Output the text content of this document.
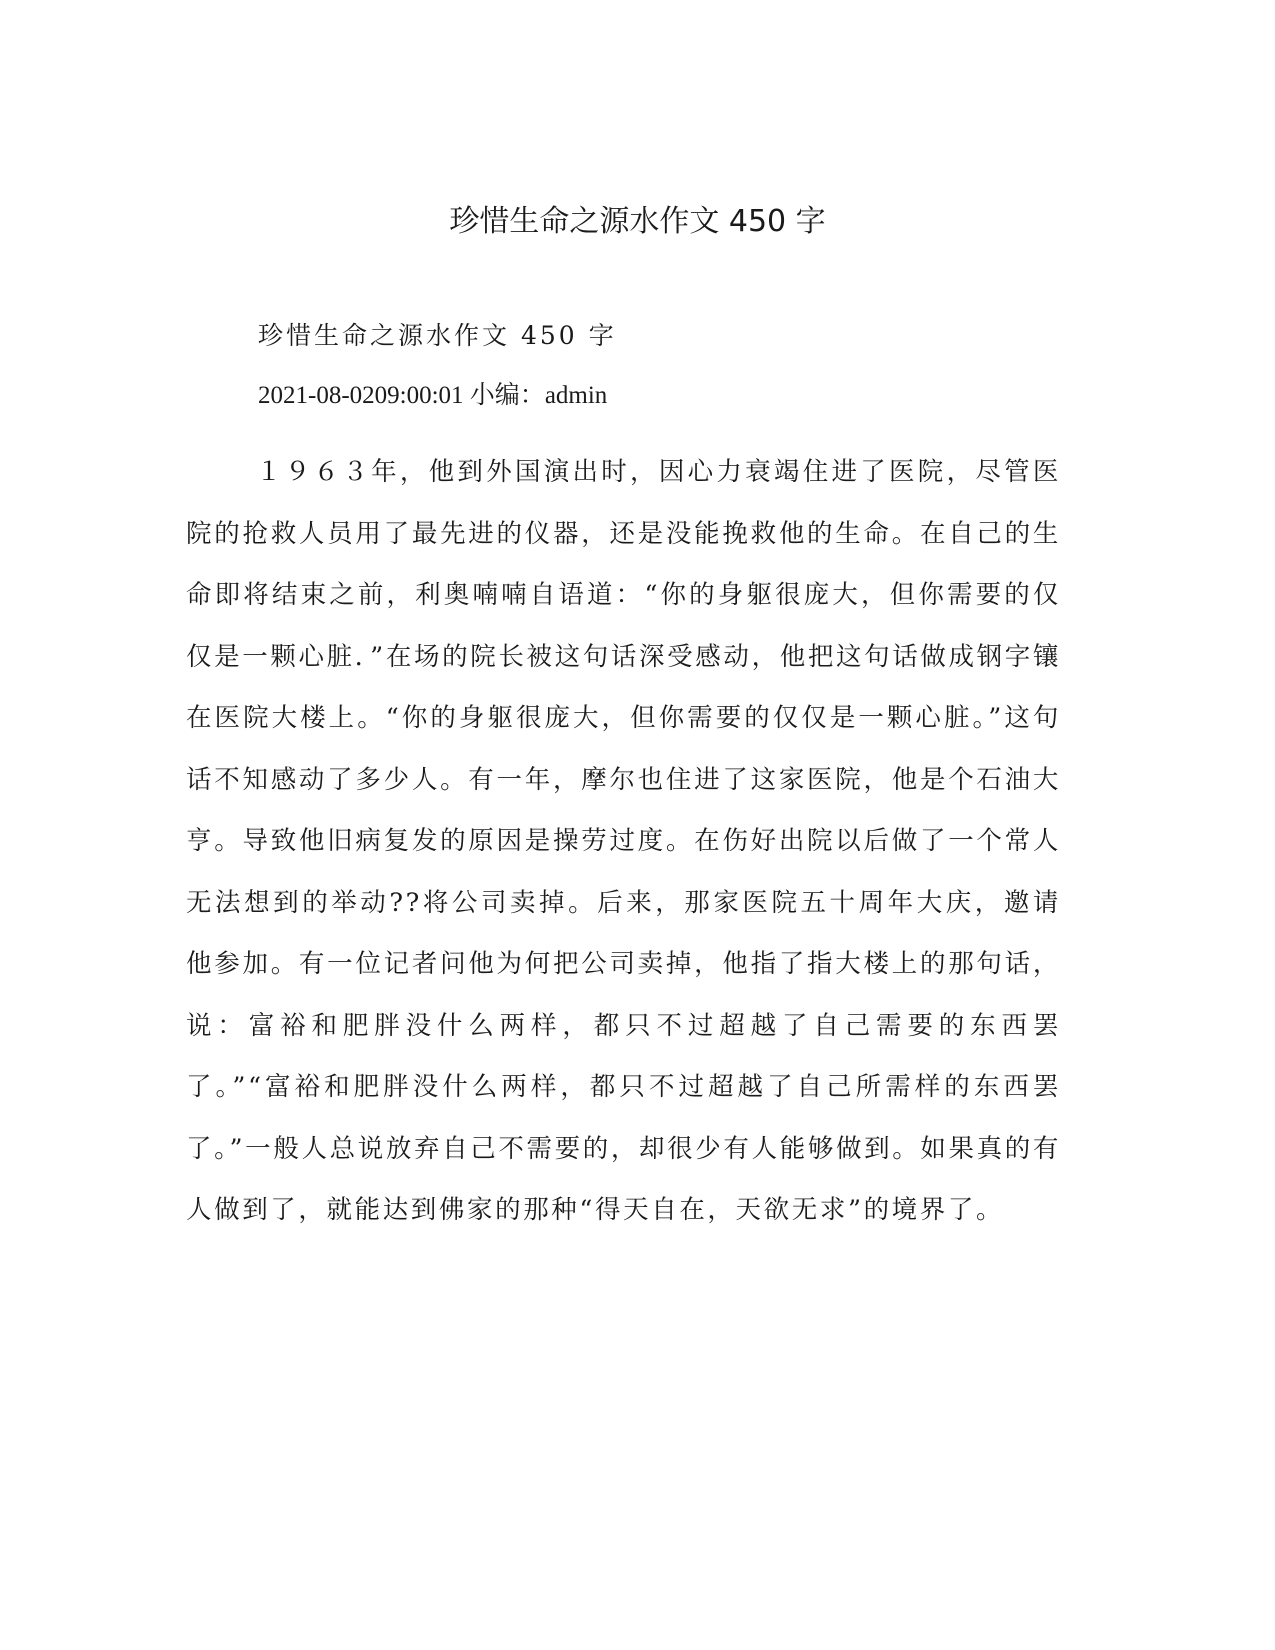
珍惜生命之源水作文 450 字

珍惜生命之源水作文 450 字

2021-08-0209:00:01 小编：admin

１９６３年，他到外国演出时，因心力衰竭住进了医院，尽管医院的抢救人员用了最先进的仪器，还是没能挽救他的生命。在自己的生命即将结束之前，利奥喃喃自语道：“你的身躯很庞大，但你需要的仅仅是一颗心脏．”在场的院长被这句话深受感动，他把这句话做成钢字镶在医院大楼上。“你的身躯很庞大，但你需要的仅仅是一颗心脏。”这句话不知感动了多少人。有一年，摩尔也住进了这家医院，他是个石油大亨。导致他旧病复发的原因是操劳过度。在伤好出院以后做了一个常人无法想到的举动??将公司卖掉。后来，那家医院五十周年大庆，邀请他参加。有一位记者问他为何把公司卖掉，他指了指大楼上的那句话，说：富裕和肥胖没什么两样，都只不过超越了自己需要的东西罢了。”“富裕和肥胖没什么两样，都只不过超越了自己所需样的东西罢了。”一般人总说放弃自己不需要的，却很少有人能够做到。如果真的有人做到了，就能达到佛家的那种“得天自在，天欲无求”的境界了。
